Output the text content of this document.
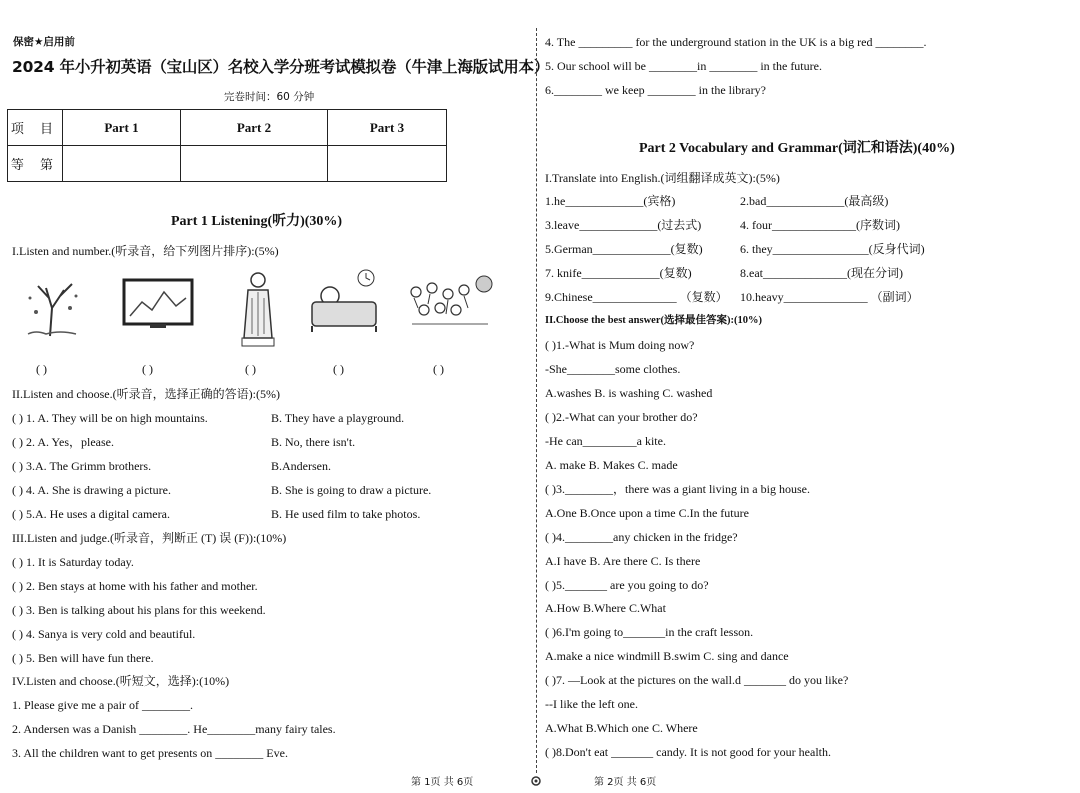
保密★启用前
2024 年小升初英语（宝山区）名校入学分班考试模拟卷（牛津上海版试用本）
完卷时间：60 分钟
项 目	Part 1	Part 2	Part 3
等 第			
Part 1 Listening(听力)(30%)
I.Listen and number.(听录音，给下列图片排序):(5%)
( )	( )	( )	( )	( )
II.Listen and choose.(听录音，选择正确的答语):(5%)
( ) 1. A. They will be on high mountains.	B. They have a playground.
( ) 2. A. Yes，please.	B. No, there isn't.
( ) 3.A. The Grimm brothers.	B.Andersen.
( ) 4. A. She is drawing a picture.	B. She is going to draw a picture.
( ) 5.A. He uses a digital camera.	B. He used film to take photos.
III.Listen and judge.(听录音，判断正 (T) 误 (F)):(10%)
( ) 1. It is Saturday today.
( ) 2. Ben stays at home with his father and mother.
( ) 3. Ben is talking about his plans for this weekend.
( ) 4. Sanya is very cold and beautiful.
( ) 5. Ben will have fun there.
IV.Listen and choose.(听短文，选择):(10%)
1. Please give me a pair of ________.
2. Andersen was a Danish ________. He________many fairy tales.
3. All the children want to get presents on ________ Eve.
第 1页 共 6页
4. The _________ for the underground station in the UK is a big red ________.
5. Our school will be ________in ________ in the future.
6.________ we keep ________ in the library?
Part 2 Vocabulary and Grammar(词汇和语法)(40%)
I.Translate into English.(词组翻译成英文):(5%)
1.he_____________(宾格)	2.bad_____________(最高级)
3.leave_____________(过去式)	4. four______________(序数词)
5.German_____________(复数)	6. they________________(反身代词)
7. knife_____________(复数)	8.eat______________(现在分词)
9.Chinese______________ （复数） 10.heavy______________ （副词）
II.Choose the best answer(选择最佳答案):(10%)
( )1.-What is Mum doing now?
-She________some clothes.
A.washes B. is washing C. washed
( )2.-What can your brother do?
-He can_________a kite.
A. make B. Makes C. made
( )3.________，there was a giant living in a big house.
A.One B.Once upon a time C.In the future
( )4.________any chicken in the fridge?
A.I have B. Are there C. Is there
( )5._______ are you going to do?
A.How B.Where C.What
( )6.I'm going to_______in the craft lesson.
A.make a nice windmill B.swim C. sing and dance
( )7. —Look at the pictures on the wall.d _______ do you like?
--I like the left one.
A.What B.Which one C. Where
( )8.Don't eat _______ candy. It is not good for your health.
第 2页 共 6页
